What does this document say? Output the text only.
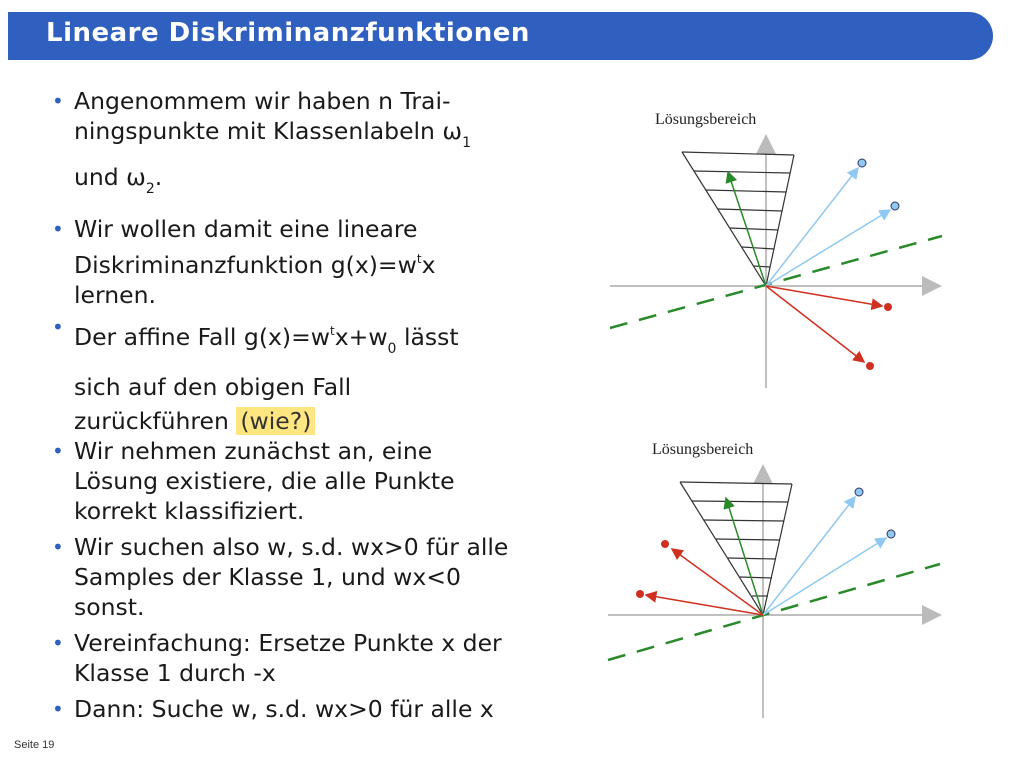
Lineare Diskriminanzfunktionen
• Angenommem wir haben n Trai-
ningspunkte mit Klassenlabeln $\omega_1$
und $\omega_2$.
• Wir wollen damit eine lineare
Diskriminanzfunktion $g(x)=w^tx$
lernen.
• Der affine Fall $g(x)=w^tx+w_0$ lässt
sich auf den obigen Fall
zurückführen (wie?)
• Wir nehmen zunächst an, eine Lösung existiere, die alle Punkte korrekt klassifiziert.
• Wir suchen also w, s.d. wx>0 für alle Samples der Klasse 1, und wx<0 sonst.
• Vereinfachung: Ersetze Punkte x der Klasse 1 durch -x
• Dann: Suche w, s.d. wx>0 für alle x
Lösungsbereich
Lösungsbereich
Seite 19
